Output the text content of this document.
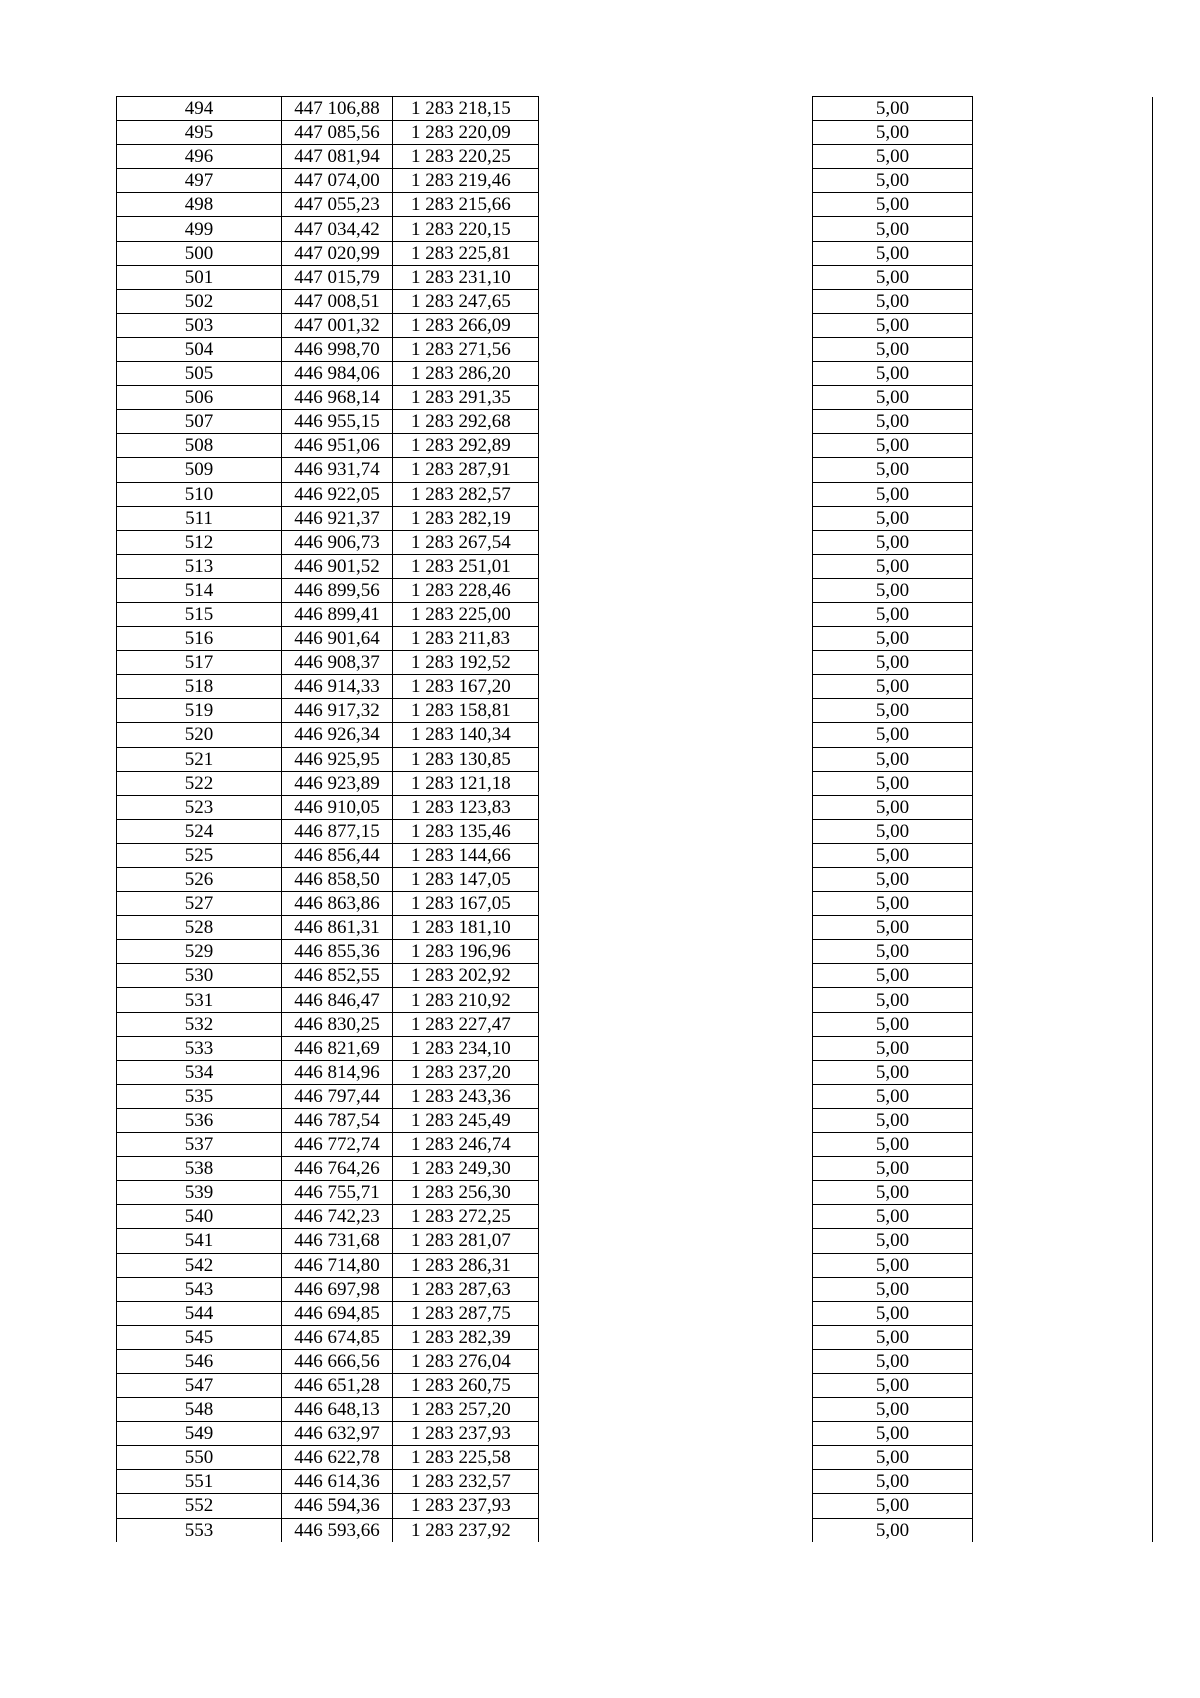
494	447 106,88	1 283 218,15		5,00	
495	447 085,56	1 283 220,09		5,00	
496	447 081,94	1 283 220,25		5,00	
497	447 074,00	1 283 219,46		5,00	
498	447 055,23	1 283 215,66		5,00	
499	447 034,42	1 283 220,15		5,00	
500	447 020,99	1 283 225,81		5,00	
501	447 015,79	1 283 231,10		5,00	
502	447 008,51	1 283 247,65		5,00	
503	447 001,32	1 283 266,09		5,00	
504	446 998,70	1 283 271,56		5,00	
505	446 984,06	1 283 286,20		5,00	
506	446 968,14	1 283 291,35		5,00	
507	446 955,15	1 283 292,68		5,00	
508	446 951,06	1 283 292,89		5,00	
509	446 931,74	1 283 287,91		5,00	
510	446 922,05	1 283 282,57		5,00	
511	446 921,37	1 283 282,19		5,00	
512	446 906,73	1 283 267,54		5,00	
513	446 901,52	1 283 251,01		5,00	
514	446 899,56	1 283 228,46		5,00	
515	446 899,41	1 283 225,00		5,00	
516	446 901,64	1 283 211,83		5,00	
517	446 908,37	1 283 192,52		5,00	
518	446 914,33	1 283 167,20		5,00	
519	446 917,32	1 283 158,81		5,00	
520	446 926,34	1 283 140,34		5,00	
521	446 925,95	1 283 130,85		5,00	
522	446 923,89	1 283 121,18		5,00	
523	446 910,05	1 283 123,83		5,00	
524	446 877,15	1 283 135,46		5,00	
525	446 856,44	1 283 144,66		5,00	
526	446 858,50	1 283 147,05		5,00	
527	446 863,86	1 283 167,05		5,00	
528	446 861,31	1 283 181,10		5,00	
529	446 855,36	1 283 196,96		5,00	
530	446 852,55	1 283 202,92		5,00	
531	446 846,47	1 283 210,92		5,00	
532	446 830,25	1 283 227,47		5,00	
533	446 821,69	1 283 234,10		5,00	
534	446 814,96	1 283 237,20		5,00	
535	446 797,44	1 283 243,36		5,00	
536	446 787,54	1 283 245,49		5,00	
537	446 772,74	1 283 246,74		5,00	
538	446 764,26	1 283 249,30		5,00	
539	446 755,71	1 283 256,30		5,00	
540	446 742,23	1 283 272,25		5,00	
541	446 731,68	1 283 281,07		5,00	
542	446 714,80	1 283 286,31		5,00	
543	446 697,98	1 283 287,63		5,00	
544	446 694,85	1 283 287,75		5,00	
545	446 674,85	1 283 282,39		5,00	
546	446 666,56	1 283 276,04		5,00	
547	446 651,28	1 283 260,75		5,00	
548	446 648,13	1 283 257,20		5,00	
549	446 632,97	1 283 237,93		5,00	
550	446 622,78	1 283 225,58		5,00	
551	446 614,36	1 283 232,57		5,00	
552	446 594,36	1 283 237,93		5,00	
553	446 593,66	1 283 237,92		5,00	
